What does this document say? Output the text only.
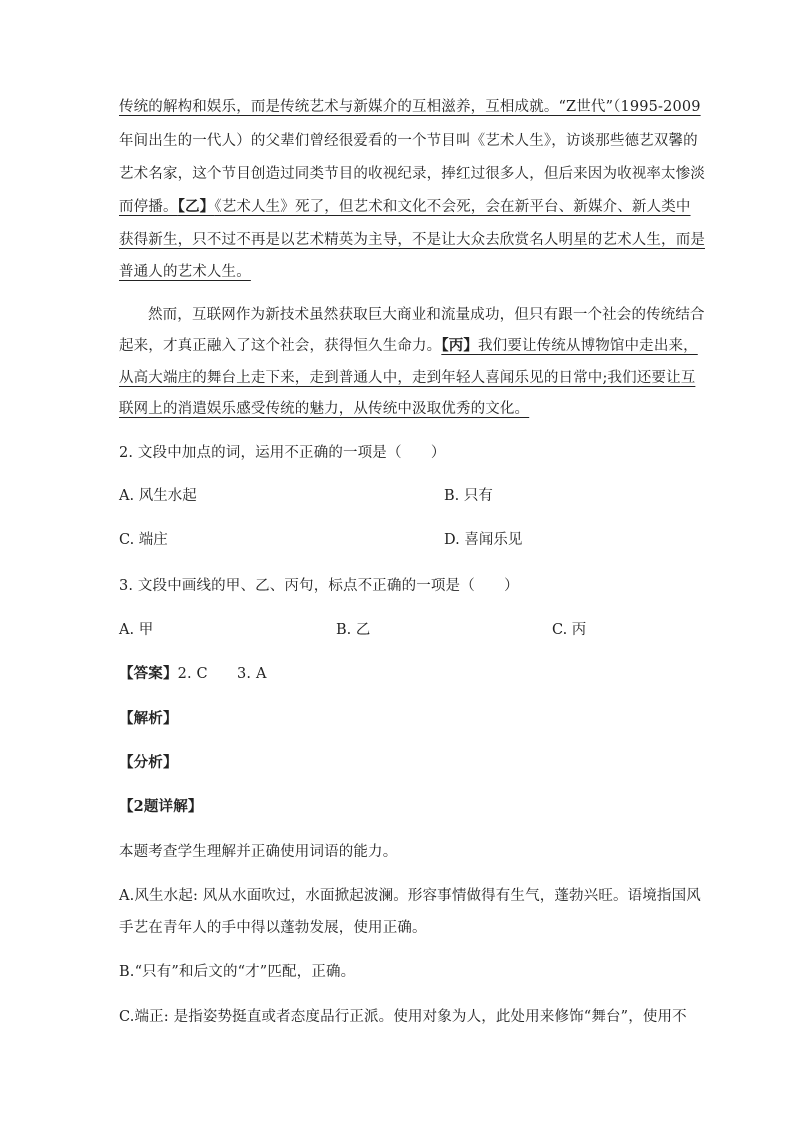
传统的解构和娱乐，而是传统艺术与新媒介的互相滋养，互相成就。“Z世代”（1995-2009
年间出生的一代人）的父辈们曾经很爱看的一个节目叫《艺术人生》，访谈那些德艺双馨的
艺术名家，这个节目创造过同类节目的收视纪录，捧红过很多人，但后来因为收视率太惨淡
而停播。【乙】《艺术人生》死了，但艺术和文化不会死，会在新平台、新媒介、新人类中
获得新生，只不过不再是以艺术精英为主导，不是让大众去欣赏名人明星的艺术人生，而是
普通人的艺术人生。
然而，互联网作为新技术虽然获取巨大商业和流量成功，但只有跟一个社会的传统结合
起来，才真正融入了这个社会，获得恒久生命力。【丙】我们要让传统从博物馆中走出来，
从高大端庄的舞台上走下来，走到普通人中，走到年轻人喜闻乐见的日常中;我们还要让互
联网上的消遣娱乐感受传统的魅力，从传统中汲取优秀的文化。
2. 文段中加点的词，运用不正确的一项是（　　）
A. 风生水起	B. 只有
C. 端庄	D. 喜闻乐见
3. 文段中画线的甲、乙、丙句，标点不正确的一项是（　　）
A. 甲	B. 乙	C. 丙
【答案】2. C　　3. A
【解析】
【分析】
【2题详解】
本题考查学生理解并正确使用词语的能力。
A.风生水起: 风从水面吹过，水面掀起波澜。形容事情做得有生气，蓬勃兴旺。语境指国风
手艺在青年人的手中得以蓬勃发展，使用正确。
B.“只有”和后文的“才”匹配，正确。
C.端正: 是指姿势挺直或者态度品行正派。使用对象为人，此处用来修饰“舞台”，使用不
